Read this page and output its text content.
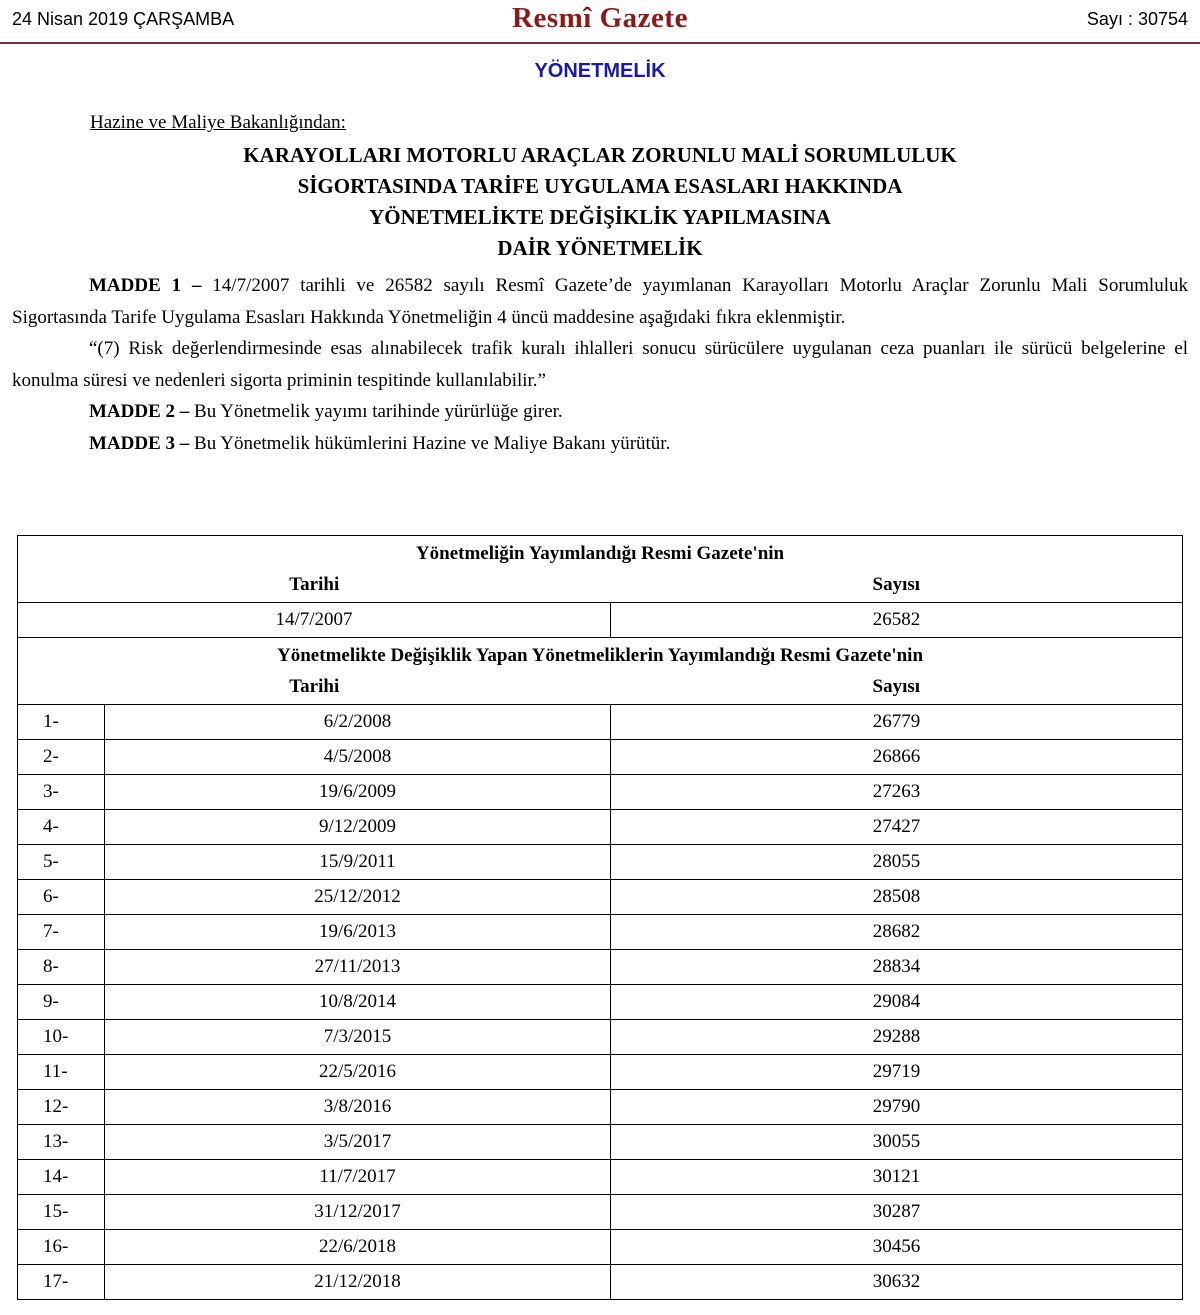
24 Nisan 2019 ÇARŞAMBA	Resmî Gazete	Sayı : 30754
YÖNETMELİK
Hazine ve Maliye Bakanlığından:
KARAYOLLARI MOTORLU ARAÇLAR ZORUNLU MALİ SORUMLULUK
SİGORTASINDA TARİFE UYGULAMA ESASLARI HAKKINDA
YÖNETMELİKTE DEĞİŞİKLİK YAPILMASINA
DAİR YÖNETMELİK

MADDE 1 – 14/7/2007 tarihli ve 26582 sayılı Resmî Gazete’de yayımlanan Karayolları Motorlu Araçlar Zorunlu Mali Sorumluluk Sigortasında Tarife Uygulama Esasları Hakkında Yönetmeliğin 4 üncü maddesine aşağıdaki fıkra eklenmiştir.

“(7) Risk değerlendirmesinde esas alınabilecek trafik kuralı ihlalleri sonucu sürücülere uygulanan ceza puanları ile sürücü belgelerine el konulma süresi ve nedenleri sigorta priminin tespitinde kullanılabilir.”

MADDE 2 – Bu Yönetmelik yayımı tarihinde yürürlüğe girer.

MADDE 3 – Bu Yönetmelik hükümlerini Hazine ve Maliye Bakanı yürütür.

Yönetmeliğin Yayımlandığı Resmi Gazete'nin
Tarihi Sayısı		

14/7/2007		26582

Yönetmelikte Değişiklik Yapan Yönetmeliklerin Yayımlandığı Resmi Gazete'nin
Tarihi Sayısı		

1-	6/2/2008	26779
2-	4/5/2008	26866
3-	19/6/2009	27263
4-	9/12/2009	27427
5-	15/9/2011	28055
6-	25/12/2012	28508
7-	19/6/2013	28682
8-	27/11/2013	28834
9-	10/8/2014	29084
10-	7/3/2015	29288
11-	22/5/2016	29719
12-	3/8/2016	29790
13-	3/5/2017	30055
14-	11/7/2017	30121
15-	31/12/2017	30287
16-	22/6/2018	30456
17-	21/12/2018	30632
